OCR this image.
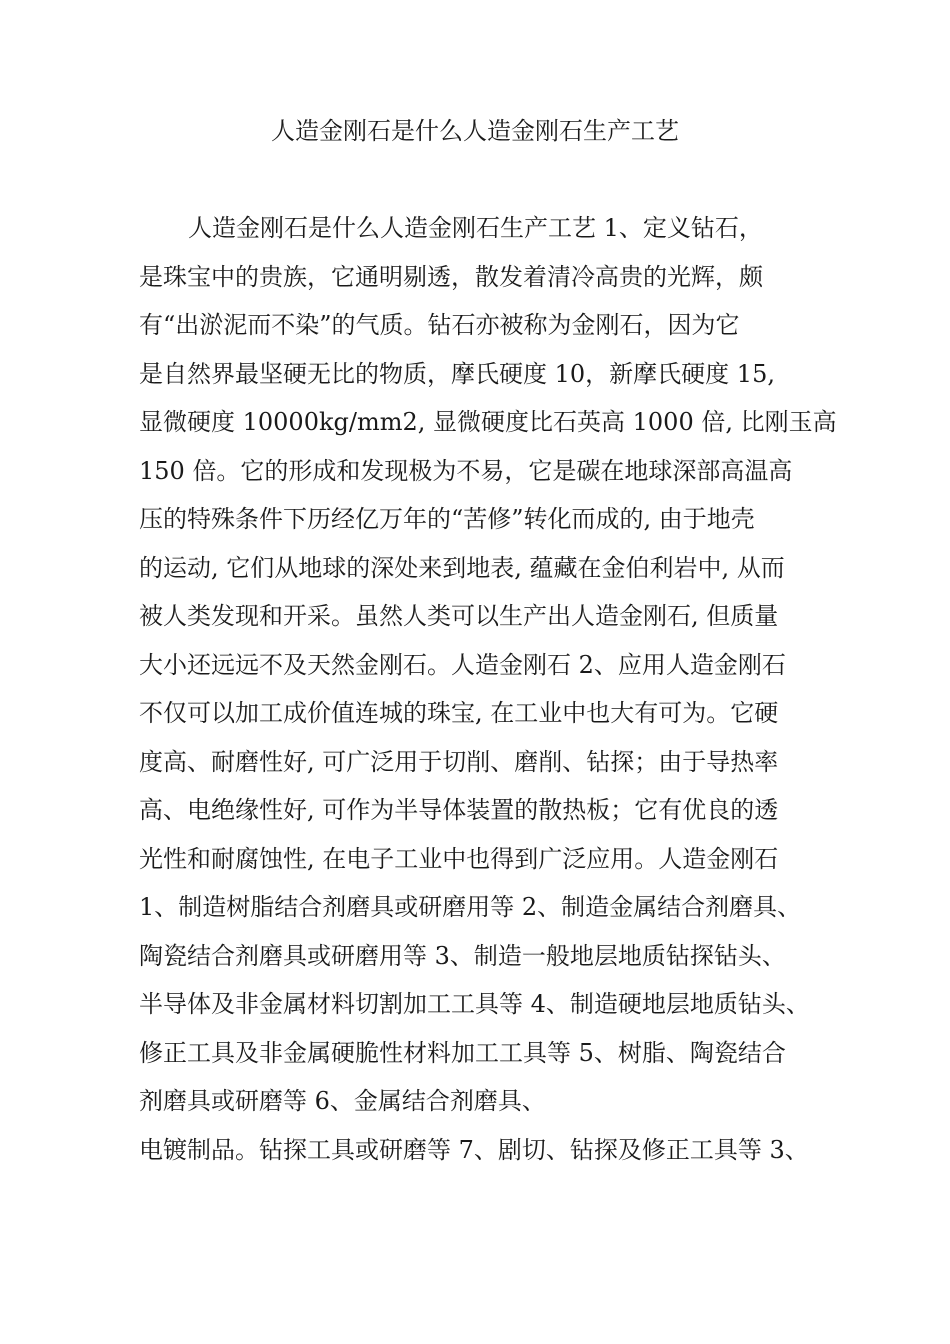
人造金刚石是什么人造金刚石生产工艺
人造金刚石是什么人造金刚石生产工艺 1、定义钻石，
是珠宝中的贵族，它通明剔透，散发着清冷高贵的光辉，颇
有“出淤泥而不染”的气质。钻石亦被称为金刚石，因为它
是自然界最坚硬无比的物质，摩氏硬度 10，新摩氏硬度 15,
显微硬度 10000kg/mm2, 显微硬度比石英高 1000 倍, 比刚玉高
150 倍。它的形成和发现极为不易，它是碳在地球深部高温高
压的特殊条件下历经亿万年的“苦修”转化而成的, 由于地壳
的运动, 它们从地球的深处来到地表, 蕴藏在金伯利岩中, 从而
被人类发现和开采。虽然人类可以生产出人造金刚石, 但质量
大小还远远不及天然金刚石。人造金刚石 2、应用人造金刚石
不仅可以加工成价值连城的珠宝, 在工业中也大有可为。它硬
度高、耐磨性好, 可广泛用于切削、磨削、钻探；由于导热率
高、电绝缘性好, 可作为半导体装置的散热板；它有优良的透
光性和耐腐蚀性, 在电子工业中也得到广泛应用。人造金刚石
1、制造树脂结合剂磨具或研磨用等 2、制造金属结合剂磨具、
陶瓷结合剂磨具或研磨用等 3、制造一般地层地质钻探钻头、
半导体及非金属材料切割加工工具等 4、制造硬地层地质钻头、
修正工具及非金属硬脆性材料加工工具等 5、树脂、陶瓷结合
剂磨具或研磨等 6、金属结合剂磨具、
电镀制品。钻探工具或研磨等 7、剧切、钻探及修正工具等 3、
